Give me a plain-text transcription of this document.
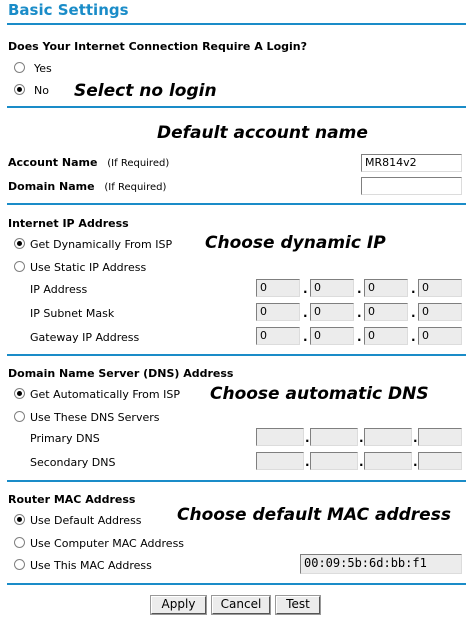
Basic Settings
Does Your Internet Connection Require A Login?
Yes
No Select no login
Default account name
Account Name (If Required)	MR814v2
Domain Name (If Required)
Internet IP Address
Get Dynamically From ISP Choose dynamic IP
Use Static IP Address
IP Address	0	. 0	. 0	. 0
IP Subnet Mask	0	. 0	. 0	. 0
Gateway IP Address	0	. 0	. 0	. 0
Domain Name Server (DNS) Address
Get Automatically From ISP Choose automatic DNS
Use These DNS Servers
Primary DNS	.	.	.
Secondary DNS	.	.	.
Router MAC Address
Use Default Address Choose default MAC address
Use Computer MAC Address
Use This MAC Address	00:09:5b:6d:bb:f1
Apply	Cancel	Test
